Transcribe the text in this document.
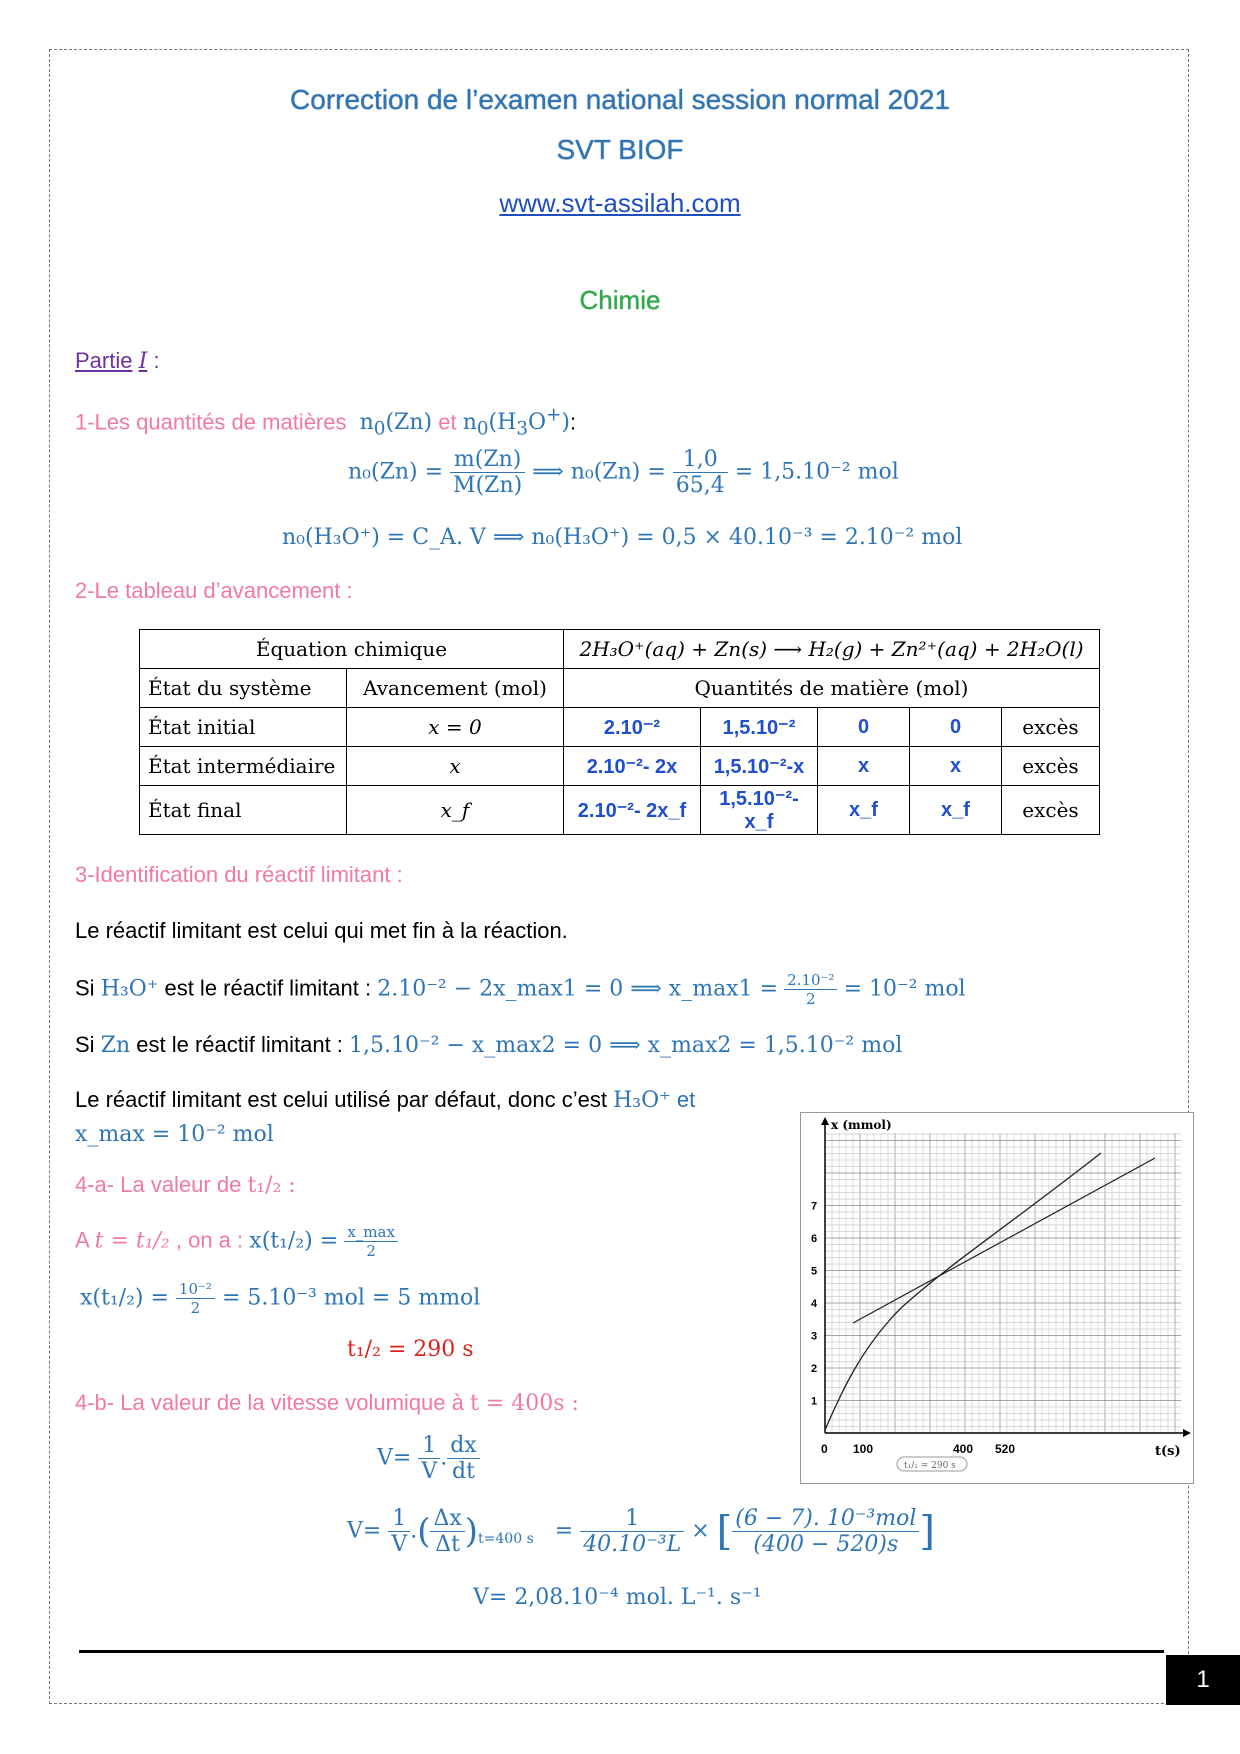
Correction de l’examen national session normal 2021
SVT BIOF
www.svt-assilah.com
Chimie
Partie I :
1-Les quantités de matières  $n_0(Zn)$ et $n_0(H_3O^+)$:
$n_0(Zn) = \frac{m(Zn)}{M(Zn)}$ ⟹ $n_0(Zn) = \frac{1,0}{65,4} = 1,5.10^{-2}$ mol
n₀(H₃O⁺) = C_A. V ⟹ n₀(H₃O⁺) = 0,5 × 40.10⁻³ = 2.10⁻² mol
2-Le tableau d’avancement :
Équation chimique		2H₃O⁺(aq) + Zn(s) ⟶ H₂(g) + Zn²⁺(aq) + 2H₂O(l)				
État du système	Avancement (mol)	Quantités de matière (mol)				
État initial	x = 0	2.10⁻²	1,5.10⁻²	0	0	excès
État intermédiaire	x	2.10⁻²- 2x	1,5.10⁻²-x	x	x	excès
État final	x_f	2.10⁻²- 2x_f	1,5.10⁻²- x_f	x_f	x_f	excès
3-Identification du réactif limitant :
Le réactif limitant est celui qui met fin à la réaction.
Si H₃O⁺ est le réactif limitant : 2.10⁻² − 2x_max1 = 0 ⟹ x_max1 = $\frac{\text{2.10⁻²}}{2} = 10^{-2}$ mol
Si Zn est le réactif limitant : 1,5.10⁻² − x_max2 = 0 ⟹ x_max2 = 1,5.10⁻² mol
Le réactif limitant est celui utilisé par défaut, donc c’est H₃O⁺ et
x_max = 10⁻² mol
4-a- La valeur de t₁/₂ :
A t = t₁/₂ , on a : $x(t_1/_2) = \frac{x\_\max}{2}$
$x(t_1/_2) = \frac{\text{10⁻²}}{2} = 5.10^{-3}$ mol = 5 mmol
t₁/₂ = 290 s
4-b- La valeur de la vitesse volumique à t = 400s :
$V= \frac{1}{V}$ . $\frac{dx}{dt}$
$V= \frac{1}{V}$ .( $\frac{\Delta x}{\Delta t} )_{t=400 s} = \frac{1}{\text{40.10⁻³L}}$ × [ $\frac{\text{(6 − 7). 10⁻³mol}}{(400 - 520)s}$ ]
V= 2,08.10⁻⁴ mol. L⁻¹. s⁻¹
x (mmol)
t(s)
1
2
3
4
5
6
7
0 100	400 520
t₁/₂ = 290 s
1
